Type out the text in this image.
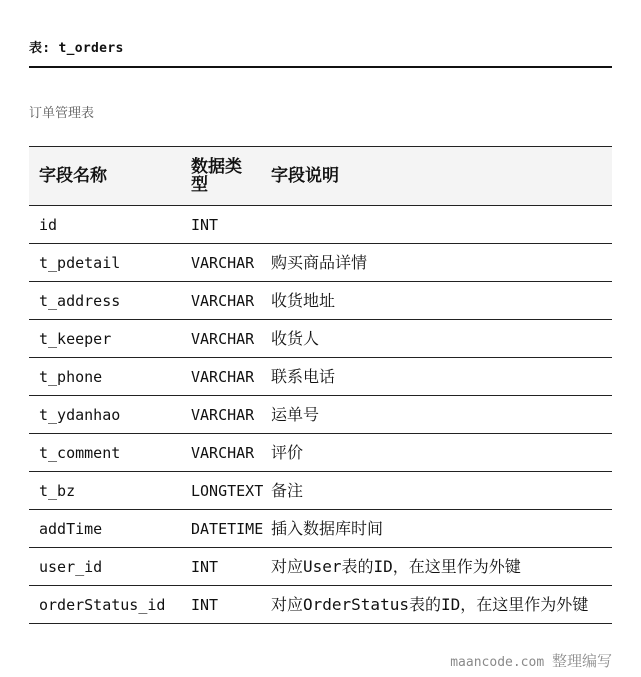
表: t_orders
订单管理表
字段名称	数据类型	字段说明
id	INT	
t_pdetail	VARCHAR	购买商品详情
t_address	VARCHAR	收货地址
t_keeper	VARCHAR	收货人
t_phone	VARCHAR	联系电话
t_ydanhao	VARCHAR	运单号
t_comment	VARCHAR	评价
t_bz	LONGTEXT	备注
addTime	DATETIME	插入数据库时间
user_id	INT	对应User表的ID，在这里作为外键
orderStatus_id	INT	对应OrderStatus表的ID，在这里作为外键
maancode.com 整理编写
